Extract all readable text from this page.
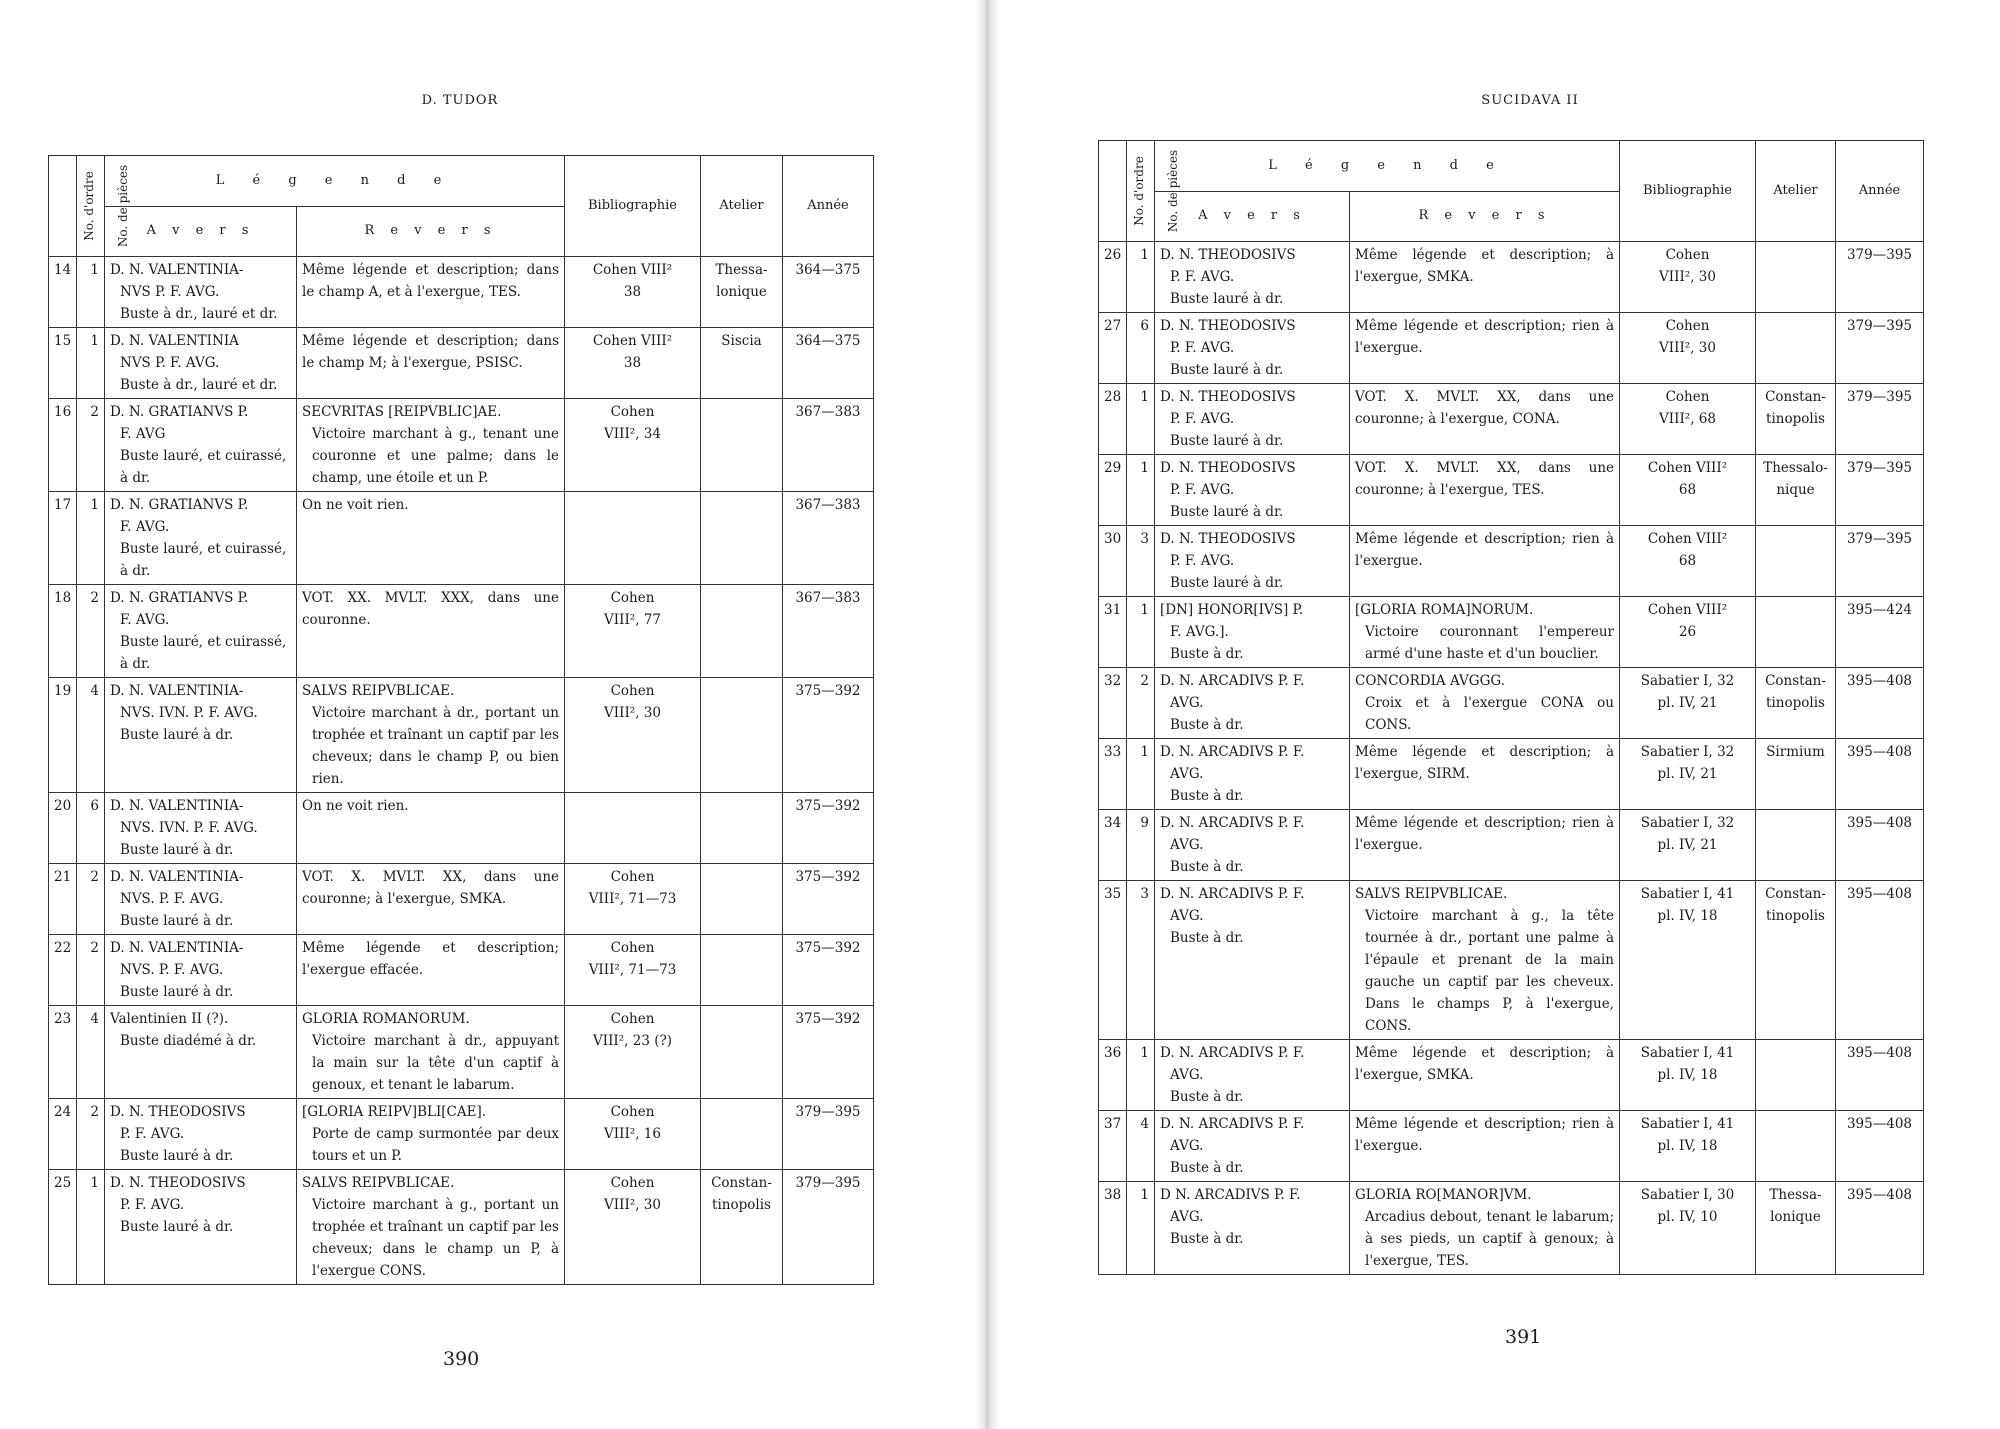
D. TUDOR
No. d'ordre	No. de pièces	L é g e n d e		Bibliographie	Atelier	Année
		A v e r s	R e v e r s			
14	1	D. N. VALENTINIA-
NVS P. F. AVG.
Buste à dr., lauré et dr.	Même légende et description; dans le champ A, et à l'exergue, TES.	Cohen VIII²
38	Thessa-
lonique	364—375
15	1	D. N. VALENTINIA
NVS P. F. AVG.
Buste à dr., lauré et dr.	Même légende et description; dans le champ M; à l'exergue, PSISC.	Cohen VIII²
38	Siscia	364—375
16	2	D. N. GRATIANVS P.
F. AVG
Buste lauré, et cuirassé,
à dr.	SECVRITAS [REIPVBLIC]AE.
Victoire marchant à g., tenant une couronne et une palme; dans le champ, une étoile et un P.	Cohen
VIII², 34		367—383
17	1	D. N. GRATIANVS P.
F. AVG.
Buste lauré, et cuirassé,
à dr.	On ne voit rien.			367—383
18	2	D. N. GRATIANVS P.
F. AVG.
Buste lauré, et cuirassé,
à dr.	VOT. XX. MVLT. XXX, dans une couronne.	Cohen
VIII², 77		367—383
19	4	D. N. VALENTINIA-
NVS. IVN. P. F. AVG.
Buste lauré à dr.	SALVS REIPVBLICAE.
Victoire marchant à dr., portant un trophée et traînant un captif par les cheveux; dans le champ P, ou bien rien.	Cohen
VIII², 30		375—392
20	6	D. N. VALENTINIA-
NVS. IVN. P. F. AVG.
Buste lauré à dr.	On ne voit rien.			375—392
21	2	D. N. VALENTINIA-
NVS. P. F. AVG.
Buste lauré à dr.	VOT. X. MVLT. XX, dans une couronne; à l'exergue, SMKA.	Cohen
VIII², 71—73		375—392
22	2	D. N. VALENTINIA-
NVS. P. F. AVG.
Buste lauré à dr.	Même légende et description; l'exergue effacée.	Cohen
VIII², 71—73		375—392
23	4	Valentinien II (?).
Buste diadémé à dr.	GLORIA ROMANORUM.
Victoire marchant à dr., appuyant la main sur la tête d'un captif à genoux, et tenant le labarum.	Cohen
VIII², 23 (?)		375—392
24	2	D. N. THEODOSIVS
P. F. AVG.
Buste lauré à dr.	[GLORIA REIPV]BLI[CAE].
Porte de camp surmontée par deux tours et un P.	Cohen
VIII², 16		379—395
25	1	D. N. THEODOSIVS
P. F. AVG.
Buste lauré à dr.	SALVS REIPVBLICAE.
Victoire marchant à g., portant un trophée et traînant un captif par les cheveux; dans le champ un P, à l'exergue CONS.	Cohen
VIII², 30	Constan-
tinopolis	379—395
390
SUCIDAVA II
No. d'ordre	No. de pièces	L é g e n d e		Bibliographie	Atelier	Année
		A v e r s	R e v e r s			
26	1	D. N. THEODOSIVS
P. F. AVG.
Buste lauré à dr.	Même légende et description; à l'exergue, SMKA.	Cohen
VIII², 30		379—395
27	6	D. N. THEODOSIVS
P. F. AVG.
Buste lauré à dr.	Même légende et description; rien à l'exergue.	Cohen
VIII², 30		379—395
28	1	D. N. THEODOSIVS
P. F. AVG.
Buste lauré à dr.	VOT. X. MVLT. XX, dans une couronne; à l'exergue, CONA.	Cohen
VIII², 68	Constan-
tinopolis	379—395
29	1	D. N. THEODOSIVS
P. F. AVG.
Buste lauré à dr.	VOT. X. MVLT. XX, dans une couronne; à l'exergue, TES.	Cohen VIII²
68	Thessalo-
nique	379—395
30	3	D. N. THEODOSIVS
P. F. AVG.
Buste lauré à dr.	Même légende et description; rien à l'exergue.	Cohen VIII²
68		379—395
31	1	[DN] HONOR[IVS] P.
F. AVG.].
Buste à dr.	[GLORIA ROMA]NORUM.
Victoire couronnant l'empereur armé d'une haste et d'un bouclier.	Cohen VIII²
26		395—424
32	2	D. N. ARCADIVS P. F.
AVG.
Buste à dr.	CONCORDIA AVGGG.
Croix et à l'exergue CONA ou CONS.	Sabatier I, 32
pl. IV, 21	Constan-
tinopolis	395—408
33	1	D. N. ARCADIVS P. F.
AVG.
Buste à dr.	Même légende et description; à l'exergue, SIRM.	Sabatier I, 32
pl. IV, 21	Sirmium	395—408
34	9	D. N. ARCADIVS P. F.
AVG.
Buste à dr.	Même légende et description; rien à l'exergue.	Sabatier I, 32
pl. IV, 21		395—408
35	3	D. N. ARCADIVS P. F.
AVG.
Buste à dr.	SALVS REIPVBLICAE.
Victoire marchant à g., la tête tournée à dr., portant une palme à l'épaule et prenant de la main gauche un captif par les cheveux. Dans le champs P, à l'exergue, CONS.	Sabatier I, 41
pl. IV, 18	Constan-
tinopolis	395—408
36	1	D. N. ARCADIVS P. F.
AVG.
Buste à dr.	Même légende et description; à l'exergue, SMKA.	Sabatier I, 41
pl. IV, 18		395—408
37	4	D. N. ARCADIVS P. F.
AVG.
Buste à dr.	Même légende et description; rien à l'exergue.	Sabatier I, 41
pl. IV, 18		395—408
38	1	D N. ARCADIVS P. F.
AVG.
Buste à dr.	GLORIA RO[MANOR]VM.
Arcadius debout, tenant le labarum; à ses pieds, un captif à genoux; à l'exergue, TES.	Sabatier I, 30
pl. IV, 10	Thessa-
lonique	395—408
391
